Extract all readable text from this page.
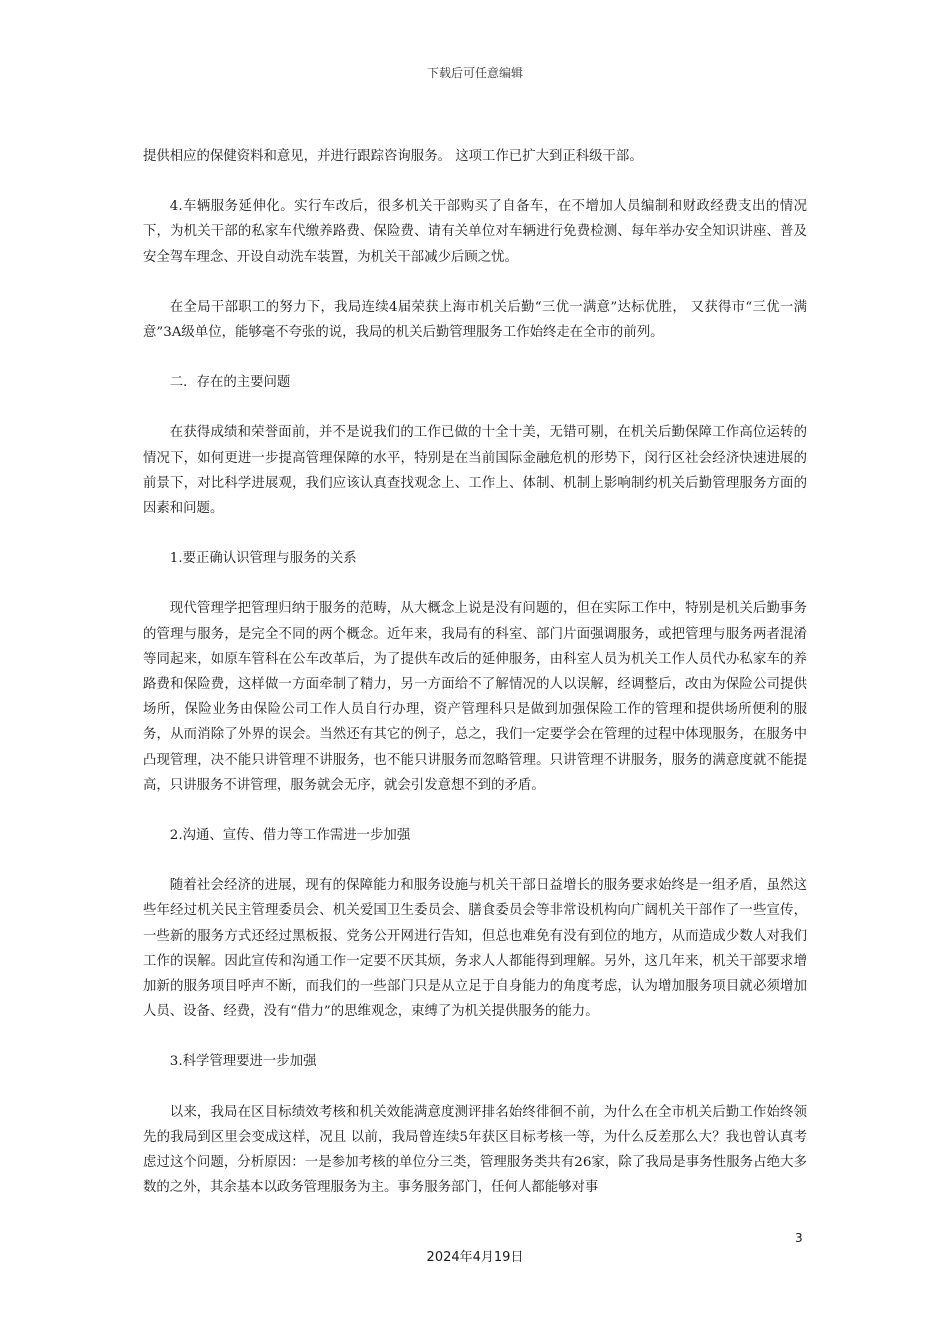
下载后可任意编辑

提供相应的保健资料和意见，并进行跟踪咨询服务。 这项工作已扩大到正科级干部。

4.车辆服务延伸化。实行车改后，很多机关干部购买了自备车，在不增加人员编制和财政经费支出的情况下，为机关干部的私家车代缴养路费、保险费、请有关单位对车辆进行免费检测、每年举办安全知识讲座、普及安全驾车理念、开设自动洗车装置，为机关干部减少后顾之忧。

在全局干部职工的努力下，我局连续4届荣获上海市机关后勤“三优一满意”达标优胜， 又获得市“三优一满意”3A级单位，能够毫不夸张的说，我局的机关后勤管理服务工作始终走在全市的前列。

二．存在的主要问题

在获得成绩和荣誉面前，并不是说我们的工作已做的十全十美，无错可剔，在机关后勤保障工作高位运转的情况下，如何更进一步提高管理保障的水平，特别是在当前国际金融危机的形势下，闵行区社会经济快速进展的前景下，对比科学进展观，我们应该认真查找观念上、工作上、体制、机制上影响制约机关后勤管理服务方面的因素和问题。

1.要正确认识管理与服务的关系

现代管理学把管理归纳于服务的范畴，从大概念上说是没有问题的，但在实际工作中，特别是机关后勤事务的管理与服务，是完全不同的两个概念。近年来，我局有的科室、部门片面强调服务，或把管理与服务两者混淆等同起来，如原车管科在公车改革后，为了提供车改后的延伸服务，由科室人员为机关工作人员代办私家车的养路费和保险费，这样做一方面牵制了精力，另一方面给不了解情况的人以误解，经调整后，改由为保险公司提供场所，保险业务由保险公司工作人员自行办理，资产管理科只是做到加强保险工作的管理和提供场所便利的服务，从而消除了外界的误会。当然还有其它的例子，总之，我们一定要学会在管理的过程中体现服务，在服务中凸现管理，决不能只讲管理不讲服务，也不能只讲服务而忽略管理。只讲管理不讲服务，服务的满意度就不能提高，只讲服务不讲管理，服务就会无序，就会引发意想不到的矛盾。

2.沟通、宣传、借力等工作需进一步加强

随着社会经济的进展，现有的保障能力和服务设施与机关干部日益增长的服务要求始终是一组矛盾，虽然这些年经过机关民主管理委员会、机关爱国卫生委员会、膳食委员会等非常设机构向广阔机关干部作了一些宣传，一些新的服务方式还经过黑板报、党务公开网进行告知，但总也难免有没有到位的地方，从而造成少数人对我们工作的误解。因此宣传和沟通工作一定要不厌其烦，务求人人都能得到理解。另外，这几年来，机关干部要求增加新的服务项目呼声不断，而我们的一些部门只是从立足于自身能力的角度考虑，认为增加服务项目就必须增加人员、设备、经费，没有“借力”的思维观念，束缚了为机关提供服务的能力。

3.科学管理要进一步加强

以来，我局在区目标绩效考核和机关效能满意度测评排名始终徘徊不前，为什么在全市机关后勤工作始终领先的我局到区里会变成这样，况且 以前，我局曾连续5年获区目标考核一等，为什么反差那么大？我也曾认真考虑过这个问题，分析原因：一是参加考核的单位分三类，管理服务类共有26家，除了我局是事务性服务占绝大多数的之外，其余基本以政务管理服务为主。事务服务部门，任何人都能够对事

3
2024年4月19日
